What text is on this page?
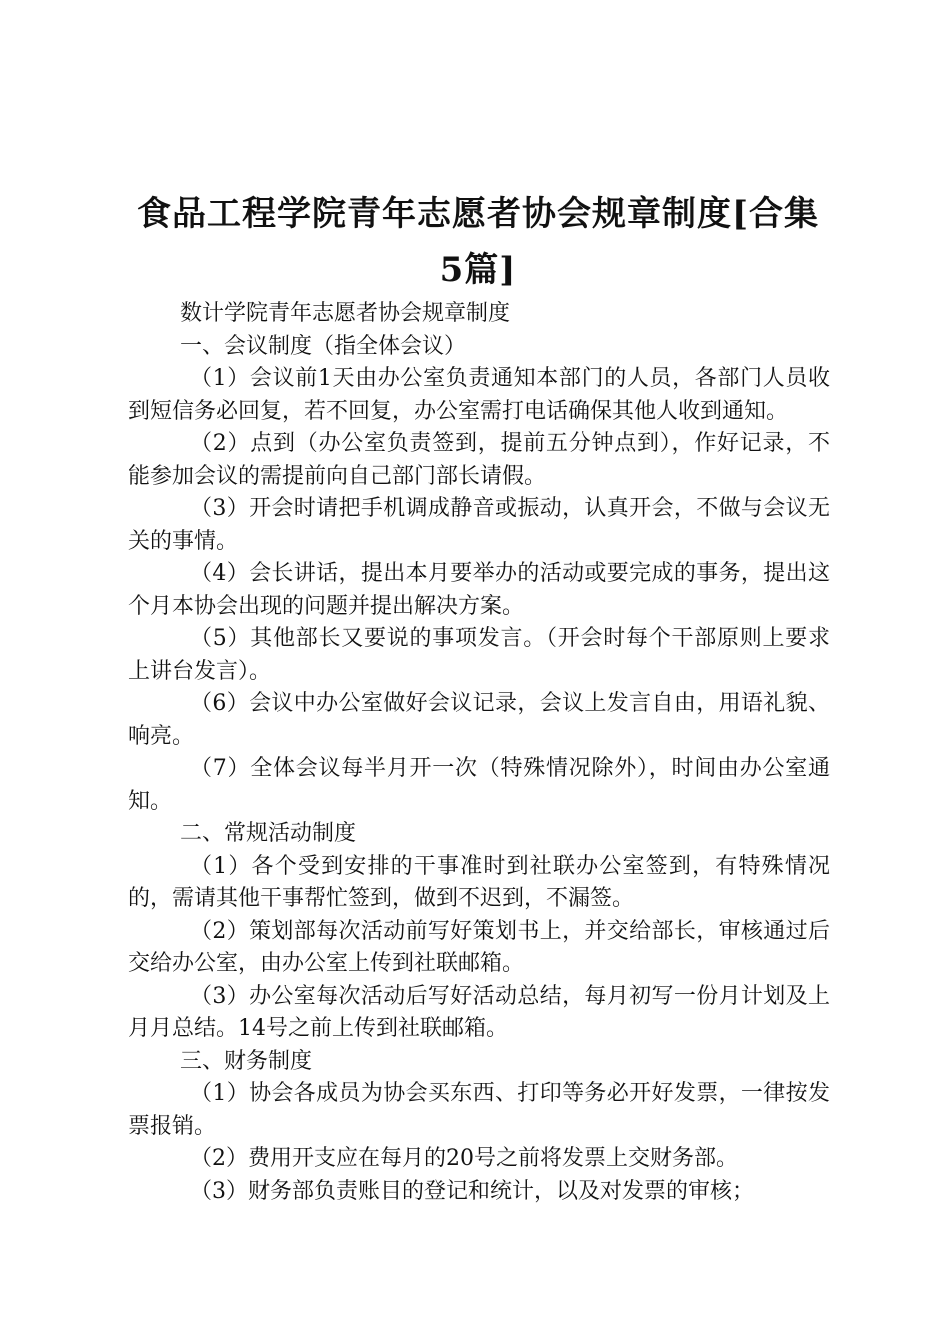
食品工程学院青年志愿者协会规章制度[合集
5篇]

数计学院青年志愿者协会规章制度

一、会议制度（指全体会议）

（1）会议前1天由办公室负责通知本部门的人员，各部门人员收到短信务必回复，若不回复，办公室需打电话确保其他人收到通知。

（2）点到（办公室负责签到，提前五分钟点到），作好记录，不能参加会议的需提前向自己部门部长请假。

（3）开会时请把手机调成静音或振动，认真开会，不做与会议无关的事情。

（4）会长讲话，提出本月要举办的活动或要完成的事务，提出这个月本协会出现的问题并提出解决方案。

（5）其他部长又要说的事项发言。（开会时每个干部原则上要求上讲台发言）。

（6）会议中办公室做好会议记录，会议上发言自由，用语礼貌、响亮。

（7）全体会议每半月开一次（特殊情况除外），时间由办公室通知。

二、常规活动制度

（1）各个受到安排的干事准时到社联办公室签到，有特殊情况的，需请其他干事帮忙签到，做到不迟到，不漏签。

（2）策划部每次活动前写好策划书上，并交给部长，审核通过后交给办公室，由办公室上传到社联邮箱。

（3）办公室每次活动后写好活动总结，每月初写一份月计划及上月月总结。14号之前上传到社联邮箱。

三、财务制度

（1）协会各成员为协会买东西、打印等务必开好发票，一律按发票报销。

（2）费用开支应在每月的20号之前将发票上交财务部。

（3）财务部负责账目的登记和统计，以及对发票的审核；
